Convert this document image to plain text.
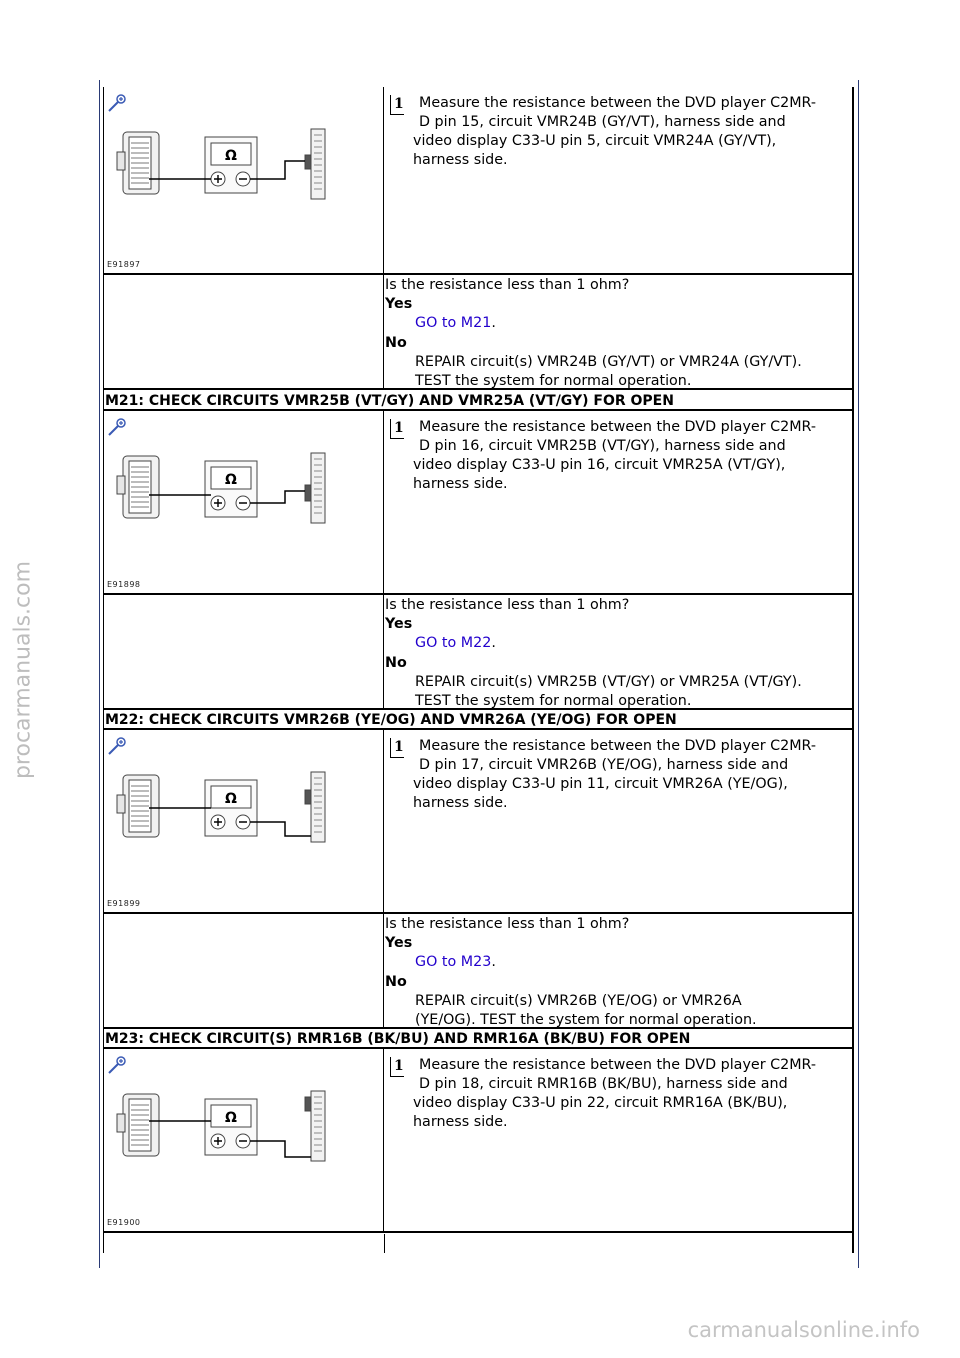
procarmanuals.com
carmanualsonline.info
Ω
E91897
1 Measure the resistance between the DVD player C2MR-
D pin 15, circuit VMR24B (GY/VT), harness side and
video display C33-U pin 5, circuit VMR24A (GY/VT),
harness side.
Is the resistance less than 1 ohm?
Yes
GO to M21.
No
REPAIR circuit(s) VMR24B (GY/VT) or VMR24A (GY/VT).
TEST the system for normal operation.
M21: CHECK CIRCUITS VMR25B (VT/GY) AND VMR25A (VT/GY) FOR OPEN
Ω
E91898
1 Measure the resistance between the DVD player C2MR-
D pin 16, circuit VMR25B (VT/GY), harness side and
video display C33-U pin 16, circuit VMR25A (VT/GY),
harness side.
Is the resistance less than 1 ohm?
Yes
GO to M22.
No
REPAIR circuit(s) VMR25B (VT/GY) or VMR25A (VT/GY).
TEST the system for normal operation.
M22: CHECK CIRCUITS VMR26B (YE/OG) AND VMR26A (YE/OG) FOR OPEN
Ω
E91899
1 Measure the resistance between the DVD player C2MR-
D pin 17, circuit VMR26B (YE/OG), harness side and
video display C33-U pin 11, circuit VMR26A (YE/OG),
harness side.
Is the resistance less than 1 ohm?
Yes
GO to M23.
No
REPAIR circuit(s) VMR26B (YE/OG) or VMR26A
(YE/OG). TEST the system for normal operation.
M23: CHECK CIRCUIT(S) RMR16B (BK/BU) AND RMR16A (BK/BU) FOR OPEN
Ω
E91900
1 Measure the resistance between the DVD player C2MR-
D pin 18, circuit RMR16B (BK/BU), harness side and
video display C33-U pin 22, circuit RMR16A (BK/BU),
harness side.
